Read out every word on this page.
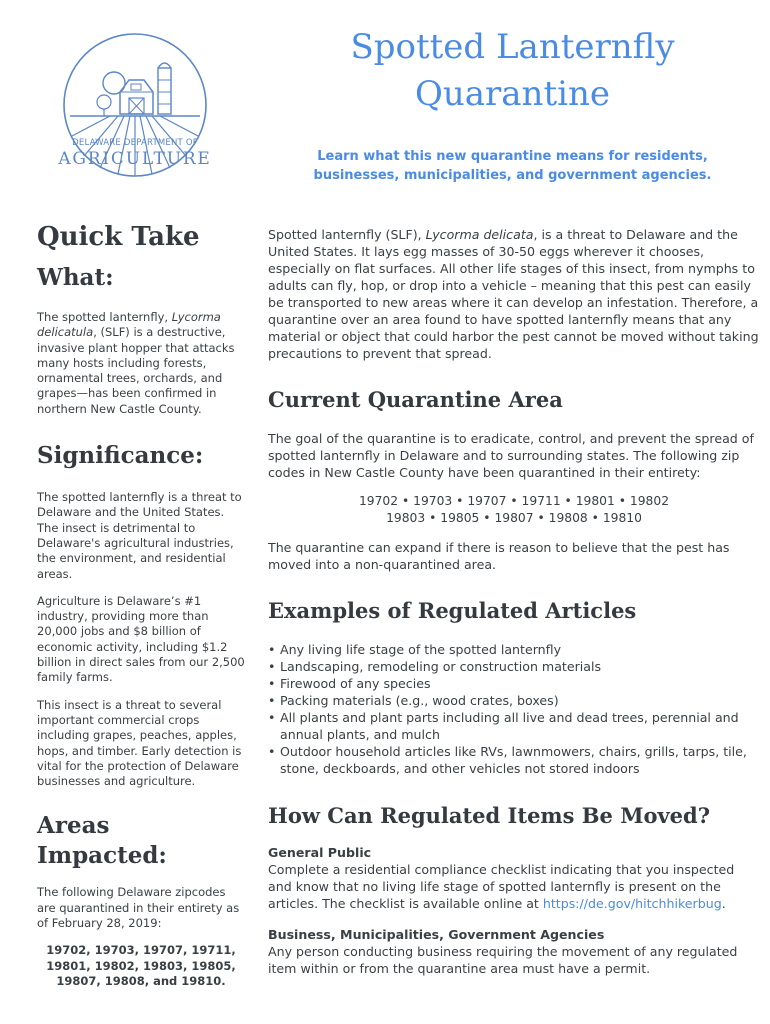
DELAWARE DEPARTMENT OF
AGRICULTURE
Spotted Lanternfly
Quarantine
Learn what this new quarantine means for residents,
businesses, municipalities, and government agencies.
Quick Take
What:

The spotted lanternfly, Lycorma delicatula, (SLF) is a destructive, invasive plant hopper that attacks many hosts including forests, ornamental trees, orchards, and grapes—has been confirmed in northern New Castle County.

Significance:

The spotted lanternfly is a threat to Delaware and the United States. The insect is detrimental to Delaware's agricultural industries, the environment, and residential areas.

Agriculture is Delaware’s #1 industry, providing more than 20,000 jobs and $8 billion of economic activity, including $1.2 billion in direct sales from our 2,500 family farms.

This insect is a threat to several important commercial crops including grapes, peaches, apples, hops, and timber. Early detection is vital for the protection of Delaware businesses and agriculture.

Areas Impacted:

The following Delaware zipcodes are quarantined in their entirety as of February 28, 2019:

19702, 19703, 19707, 19711, 19801, 19802, 19803, 19805, 19807, 19808, and 19810.

Spotted lanternfly (SLF), Lycorma delicata, is a threat to Delaware and the United States. It lays egg masses of 30-50 eggs wherever it chooses, especially on flat surfaces. All other life stages of this insect, from nymphs to adults can fly, hop, or drop into a vehicle – meaning that this pest can easily be transported to new areas where it can develop an infestation. Therefore, a quarantine over an area found to have spotted lanternfly means that any material or object that could harbor the pest cannot be moved without taking precautions to prevent that spread.

Current Quarantine Area

The goal of the quarantine is to eradicate, control, and prevent the spread of spotted lanternfly in Delaware and to surrounding states. The following zip codes in New Castle County have been quarantined in their entirety:

19702 • 19703 • 19707 • 19711 • 19801 • 19802

19803 • 19805 • 19807 • 19808 • 19810

The quarantine can expand if there is reason to believe that the pest has moved into a non-quarantined area.

Examples of Regulated Articles
• Any living life stage of the spotted lanternfly
• Landscaping, remodeling or construction materials
• Firewood of any species
• Packing materials (e.g., wood crates, boxes)
• All plants and plant parts including all live and dead trees, perennial and annual plants, and mulch
• Outdoor household articles like RVs, lawnmowers, chairs, grills, tarps, tile, stone, deckboards, and other vehicles not stored indoors
How Can Regulated Items Be Moved?

General Public

Complete a residential compliance checklist indicating that you inspected and know that no living life stage of spotted lanternfly is present on the articles. The checklist is available online at https://de.gov/hitchhikerbug.

Business, Municipalities, Government Agencies

Any person conducting business requiring the movement of any regulated item within or from the quarantine area must have a permit.
